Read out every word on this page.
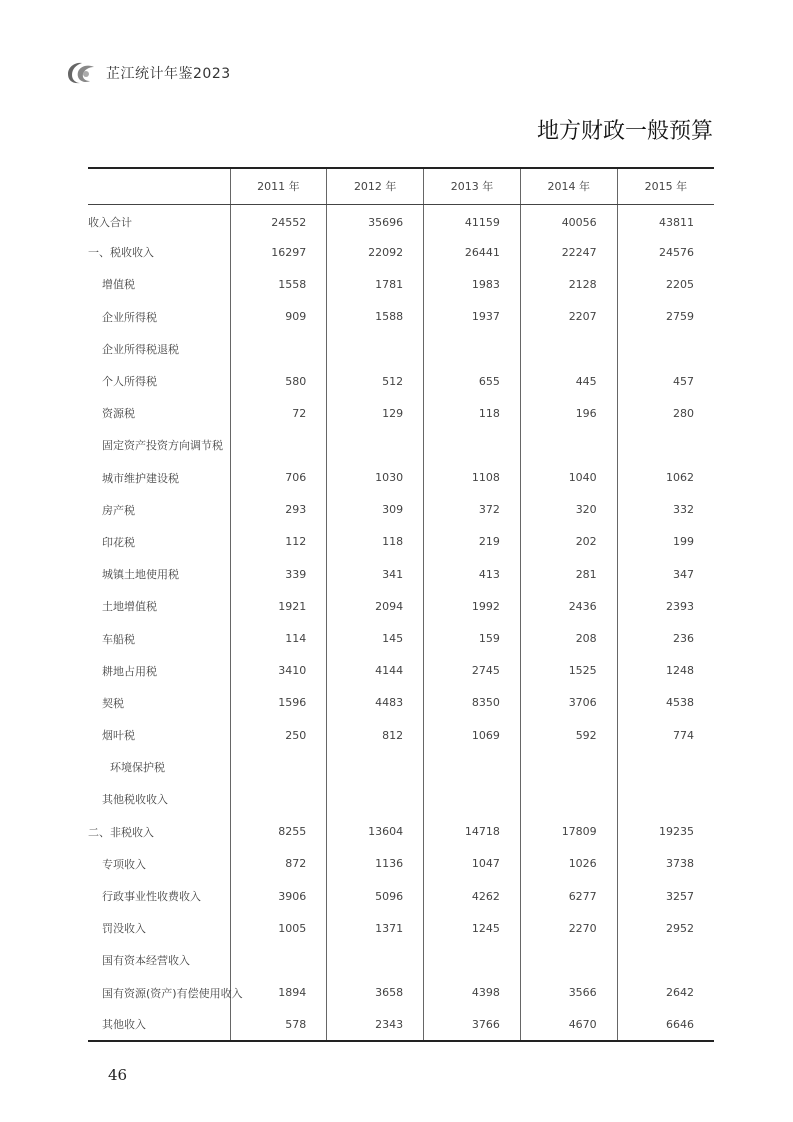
芷江统计年鉴2023
地方财政一般预算
	2011 年	2012 年	2013 年	2014 年	2015 年
收入合计	24552	35696	41159	40056	43811
一、税收收入	16297	22092	26441	22247	24576
增值税	1558	1781	1983	2128	2205
企业所得税	909	1588	1937	2207	2759
企业所得税退税					
个人所得税	580	512	655	445	457
资源税	72	129	118	196	280
固定资产投资方向调节税					
城市维护建设税	706	1030	1108	1040	1062
房产税	293	309	372	320	332
印花税	112	118	219	202	199
城镇土地使用税	339	341	413	281	347
土地增值税	1921	2094	1992	2436	2393
车船税	114	145	159	208	236
耕地占用税	3410	4144	2745	1525	1248
契税	1596	4483	8350	3706	4538
烟叶税	250	812	1069	592	774
环境保护税					
其他税收收入					
二、非税收入	8255	13604	14718	17809	19235
专项收入	872	1136	1047	1026	3738
行政事业性收费收入	3906	5096	4262	6277	3257
罚没收入	1005	1371	1245	2270	2952
国有资本经营收入					
国有资源(资产)有偿使用收入	1894	3658	4398	3566	2642
其他收入	578	2343	3766	4670	6646
46
